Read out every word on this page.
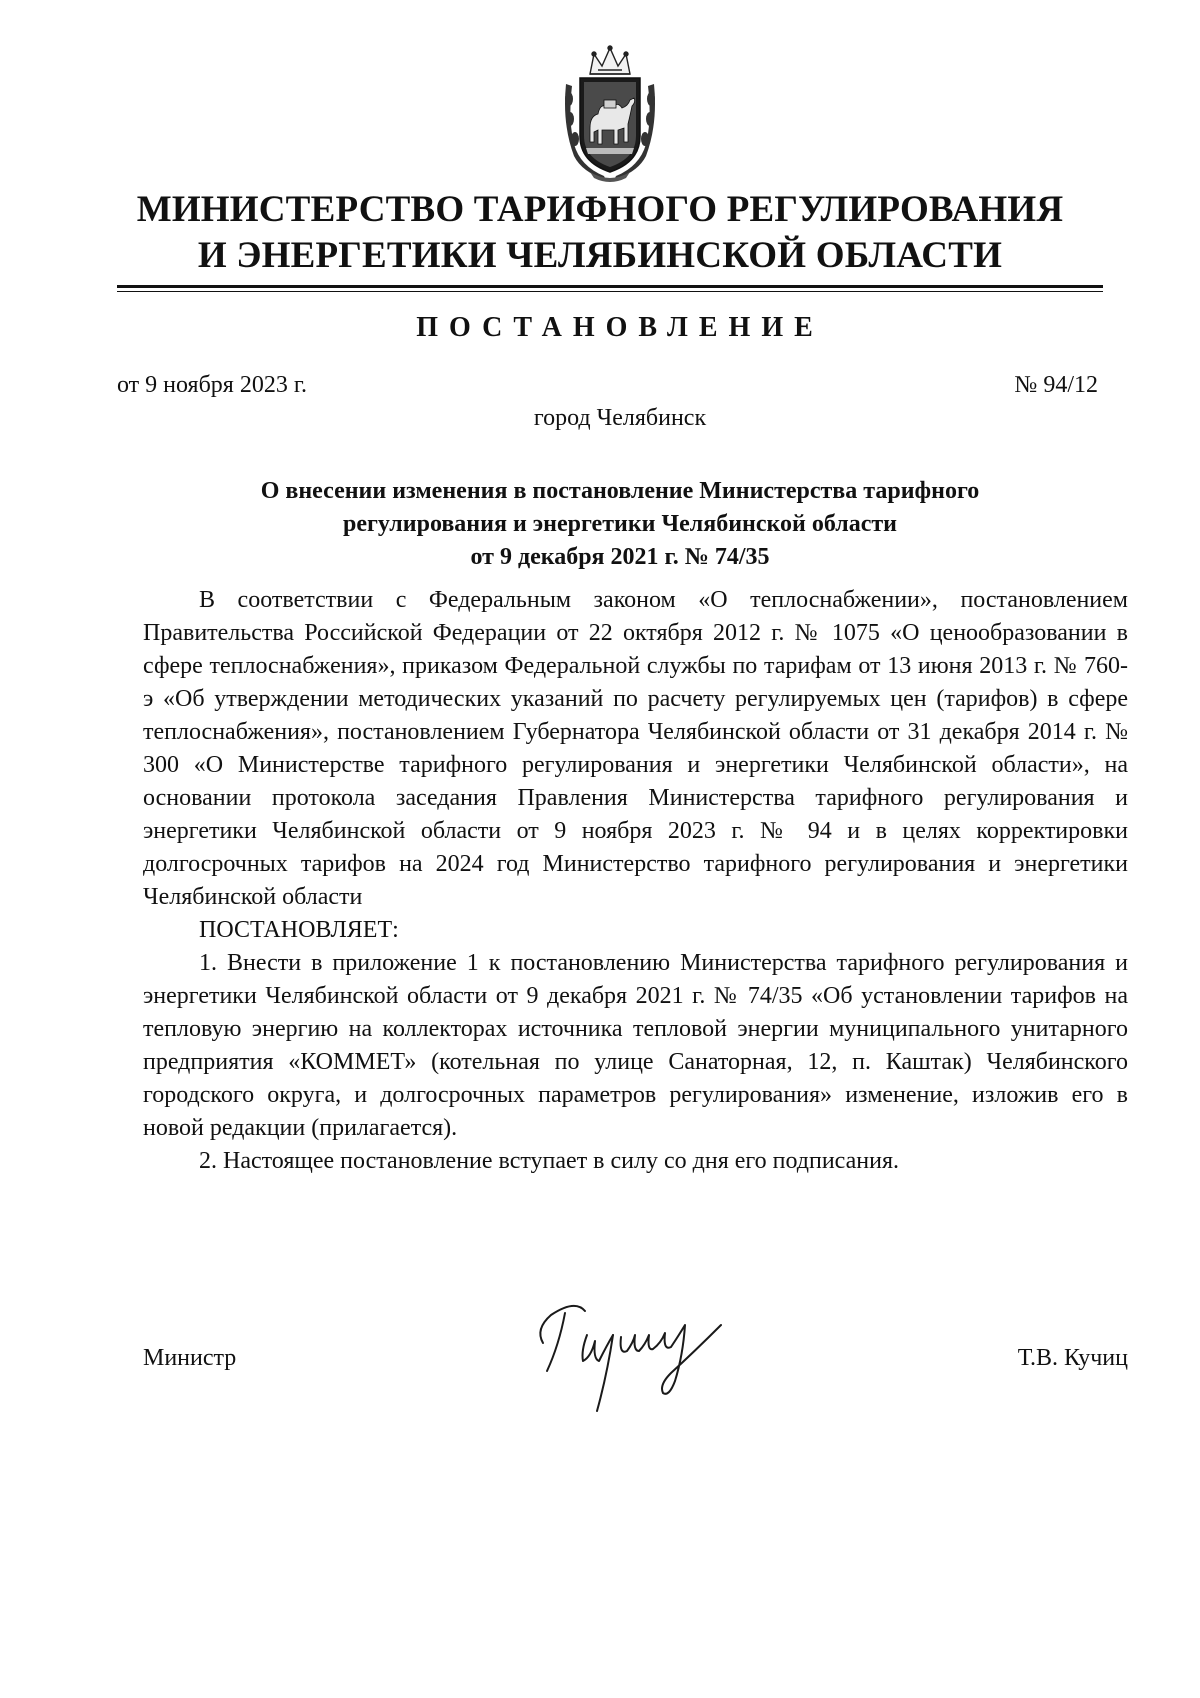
МИНИСТЕРСТВО ТАРИФНОГО РЕГУЛИРОВАНИЯ
И ЭНЕРГЕТИКИ ЧЕЛЯБИНСКОЙ ОБЛАСТИ
ПОСТАНОВЛЕНИЕ
от 9 ноября 2023 г.	№ 94/12
город Челябинск
О внесении изменения в постановление Министерства тарифного
регулирования и энергетики Челябинской области
от 9 декабря 2021 г. № 74/35

В соответствии с Федеральным законом «О теплоснабжении», постановлением Правительства Российской Федерации от 22 октября 2012 г. № 1075 «О ценообразовании в сфере теплоснабжения», приказом Федеральной службы по тарифам от 13 июня 2013 г. № 760-э «Об утверждении методических указаний по расчету регулируемых цен (тарифов) в сфере теплоснабжения», постановлением Губернатора Челябинской области от 31 декабря 2014 г. № 300 «О Министерстве тарифного регулирования и энергетики Челябинской области», на основании протокола заседания Правления Министерства тарифного регулирования и энергетики Челябинской области от 9 ноября 2023 г. № 94 и в целях корректировки долгосрочных тарифов на 2024 год Министерство тарифного регулирования и энергетики Челябинской области

ПОСТАНОВЛЯЕТ:

1. Внести в приложение 1 к постановлению Министерства тарифного регулирования и энергетики Челябинской области от 9 декабря 2021 г. № 74/35 «Об установлении тарифов на тепловую энергию на коллекторах источника тепловой энергии муниципального унитарного предприятия «КОММЕТ» (котельная по улице Санаторная, 12, п. Каштак) Челябинского городского округа, и долгосрочных параметров регулирования» изменение, изложив его в новой редакции (прилагается).

2. Настоящее постановление вступает в силу со дня его подписания.

Министр	Т.В. Кучиц
